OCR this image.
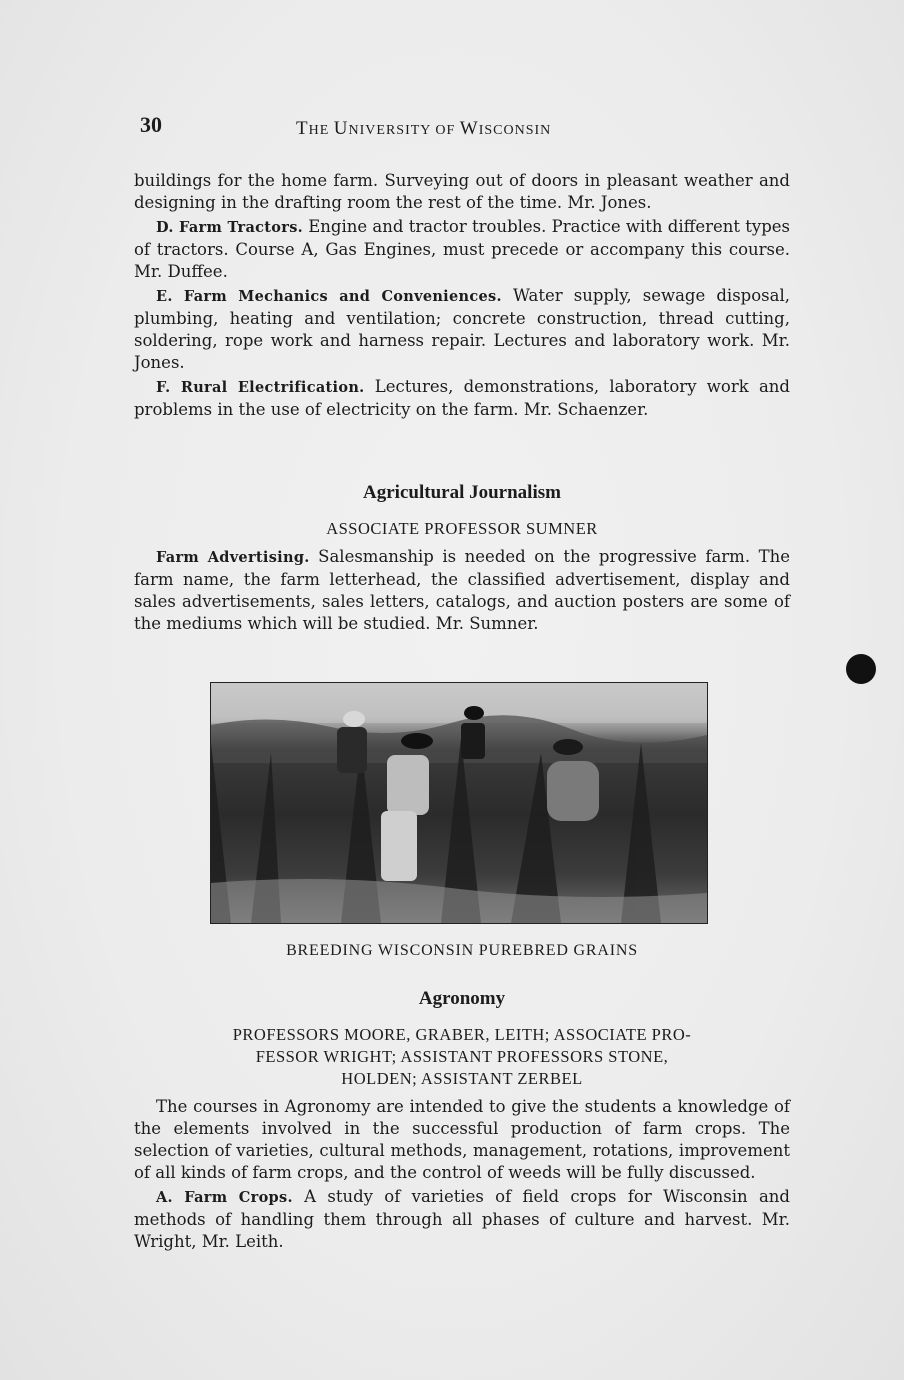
30	THE UNIVERSITY OF WISCONSIN

buildings for the home farm. Surveying out of doors in pleasant weather and designing in the drafting room the rest of the time. Mr. Jones.

D. Farm Tractors. Engine and tractor troubles. Practice with different types of tractors. Course A, Gas Engines, must precede or accompany this course. Mr. Duffee.

E. Farm Mechanics and Conveniences. Water supply, sewage disposal, plumbing, heating and ventilation; concrete construction, thread cutting, soldering, rope work and harness repair. Lectures and laboratory work. Mr. Jones.

F. Rural Electrification. Lectures, demonstrations, laboratory work and problems in the use of electricity on the farm. Mr. Schaenzer.

Agricultural Journalism
ASSOCIATE PROFESSOR SUMNER

Farm Advertising. Salesmanship is needed on the progressive farm. The farm name, the farm letterhead, the classified advertisement, display and sales advertisements, sales letters, catalogs, and auction posters are some of the mediums which will be studied. Mr. Sumner.

BREEDING WISCONSIN PUREBRED GRAINS
Agronomy
PROFESSORS MOORE, GRABER, LEITH; ASSOCIATE PRO-
FESSOR WRIGHT; ASSISTANT PROFESSORS STONE,
HOLDEN; ASSISTANT ZERBEL

The courses in Agronomy are intended to give the students a knowledge of the elements involved in the successful production of farm crops. The selection of varieties, cultural methods, management, rotations, improvement of all kinds of farm crops, and the control of weeds will be fully discussed.

A. Farm Crops. A study of varieties of field crops for Wisconsin and methods of handling them through all phases of culture and harvest. Mr. Wright, Mr. Leith.
